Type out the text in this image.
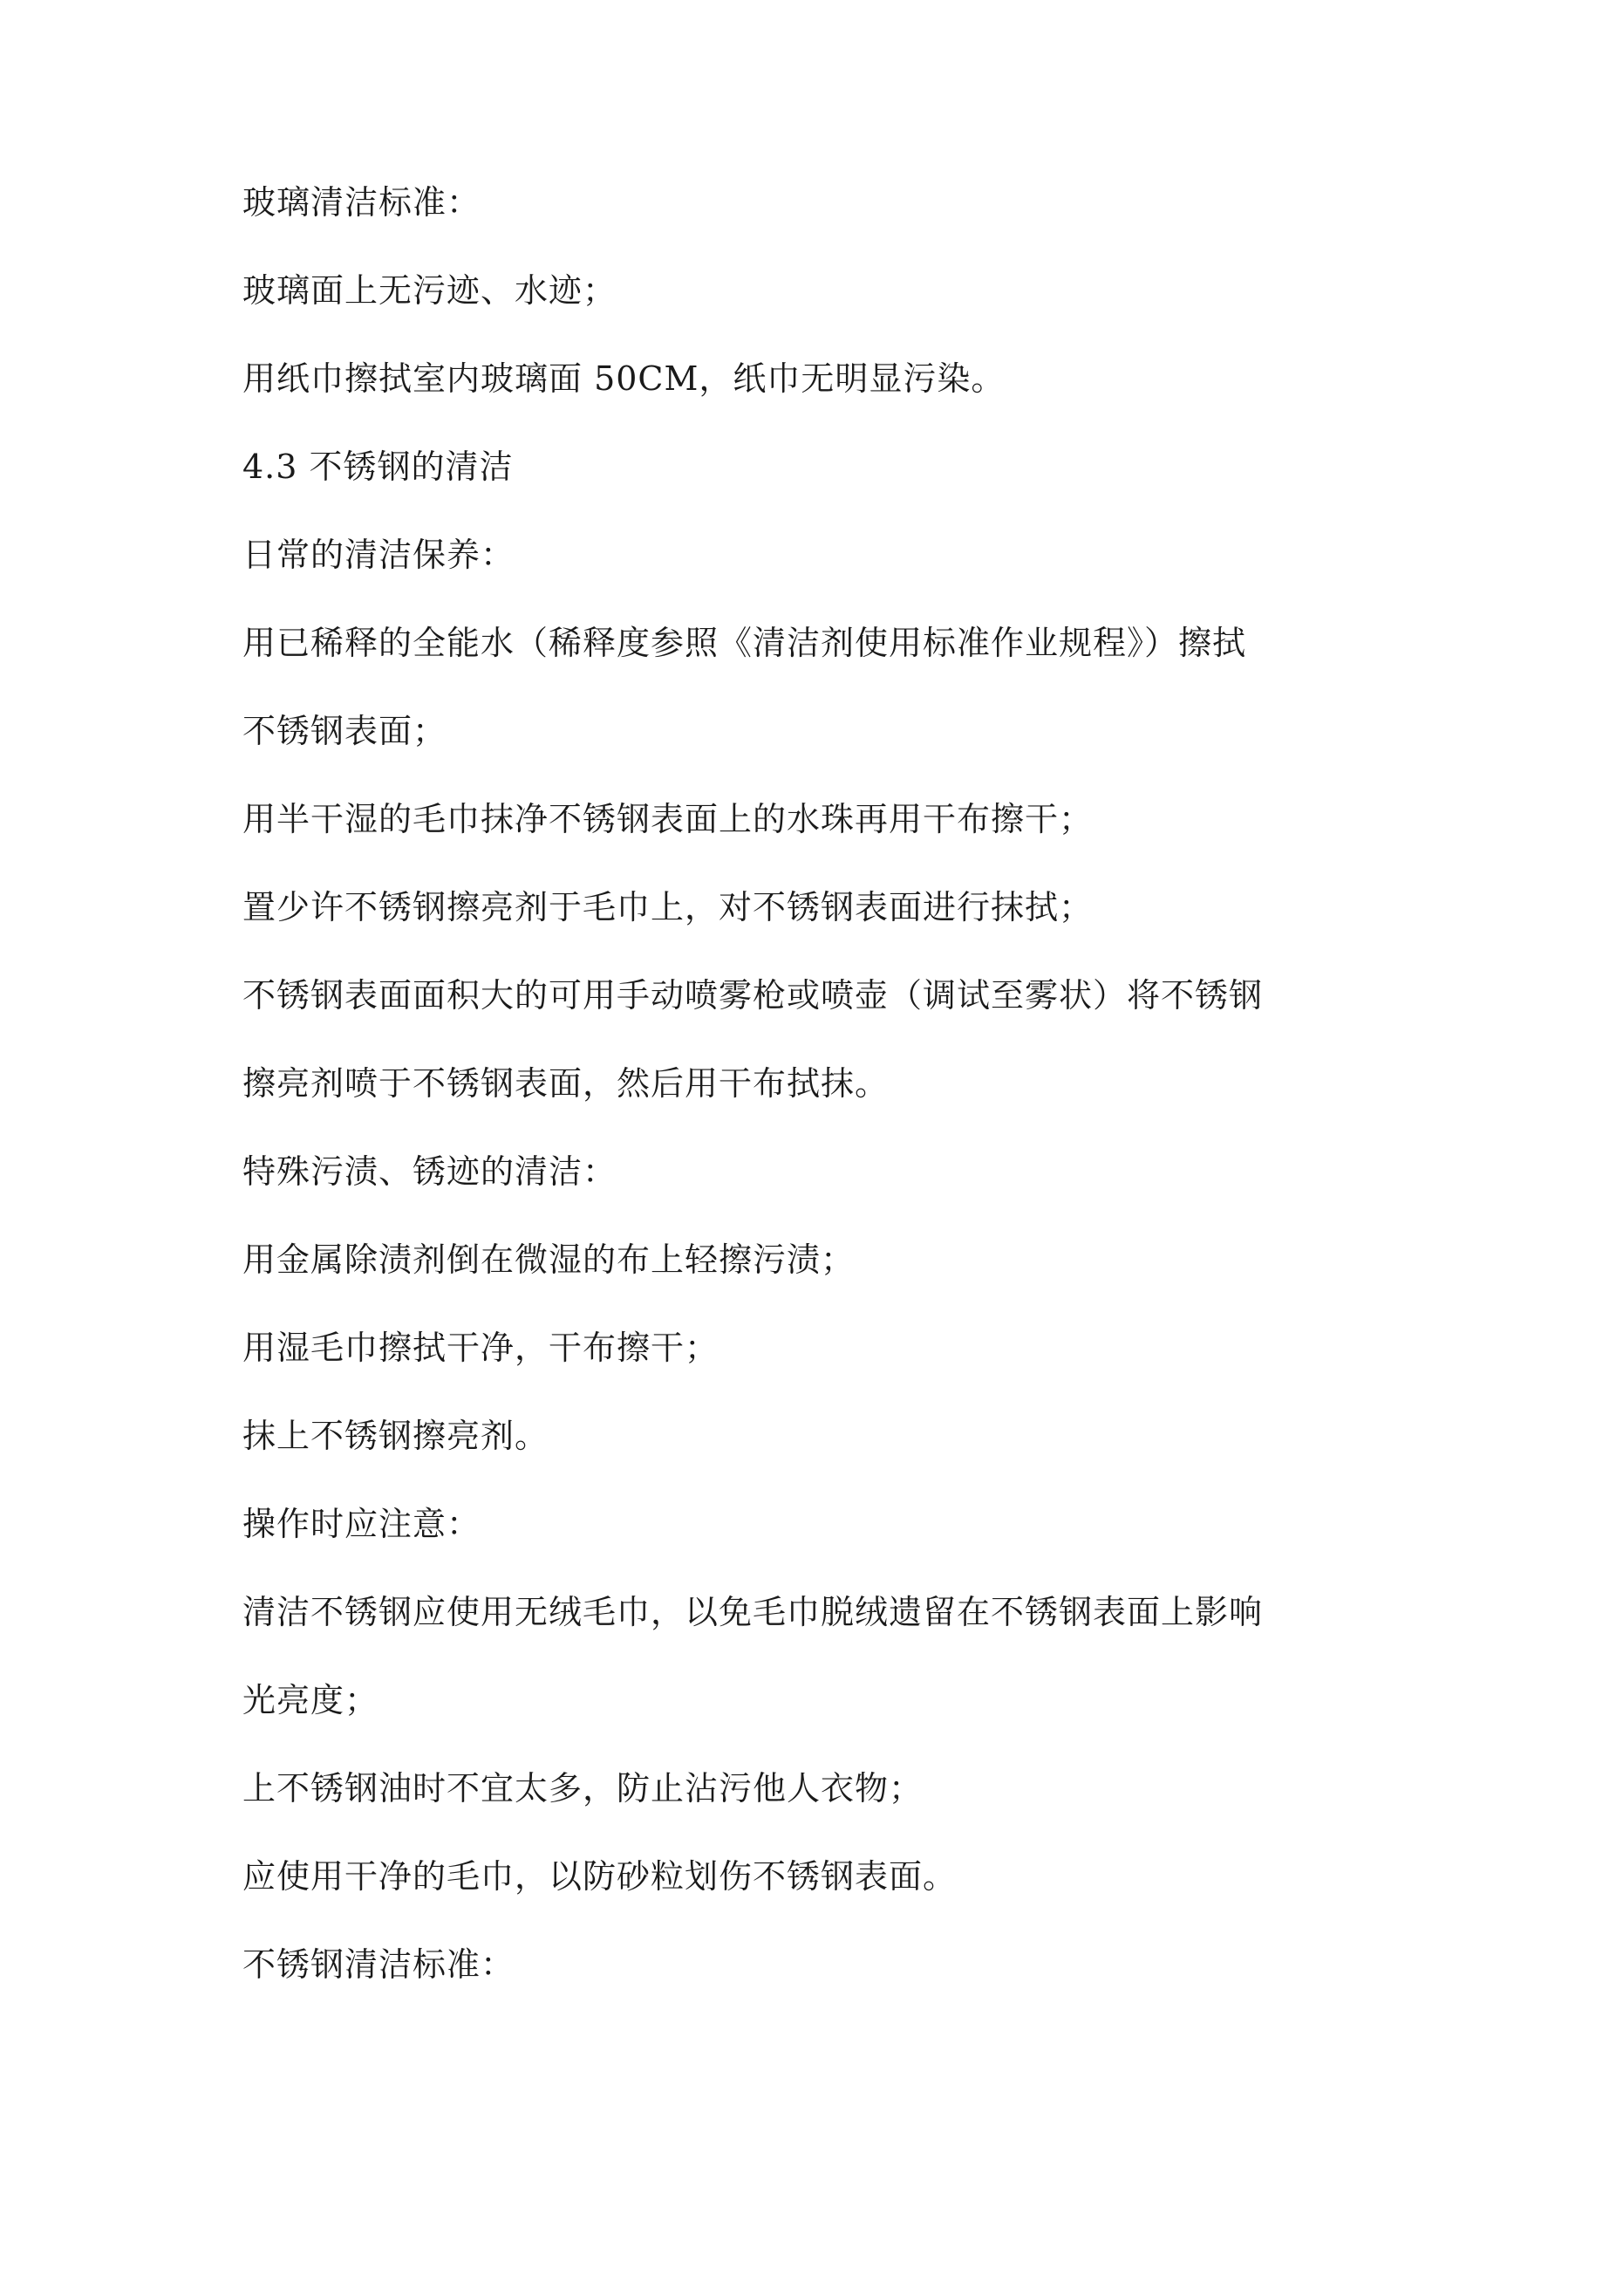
玻璃清洁标准：
玻璃面上无污迹、水迹；
用纸巾擦拭室内玻璃面 50CM，纸巾无明显污染。
4.3 不锈钢的清洁
日常的清洁保养：
用已稀释的全能水（稀释度参照《清洁剂使用标准作业规程》）擦拭
不锈钢表面；
用半干湿的毛巾抹净不锈钢表面上的水珠再用干布擦干；
置少许不锈钢擦亮剂于毛巾上，对不锈钢表面进行抹拭；
不锈钢表面面积大的可用手动喷雾枪或喷壶（调试至雾状）将不锈钢
擦亮剂喷于不锈钢表面，然后用干布拭抹。
特殊污渍、锈迹的清洁：
用金属除渍剂倒在微湿的布上轻擦污渍；
用湿毛巾擦拭干净，干布擦干；
抹上不锈钢擦亮剂。
操作时应注意：
清洁不锈钢应使用无绒毛巾，以免毛巾脱绒遗留在不锈钢表面上影响
光亮度；
上不锈钢油时不宜太多，防止沾污他人衣物；
应使用干净的毛巾，以防砂粒划伤不锈钢表面。
不锈钢清洁标准：
